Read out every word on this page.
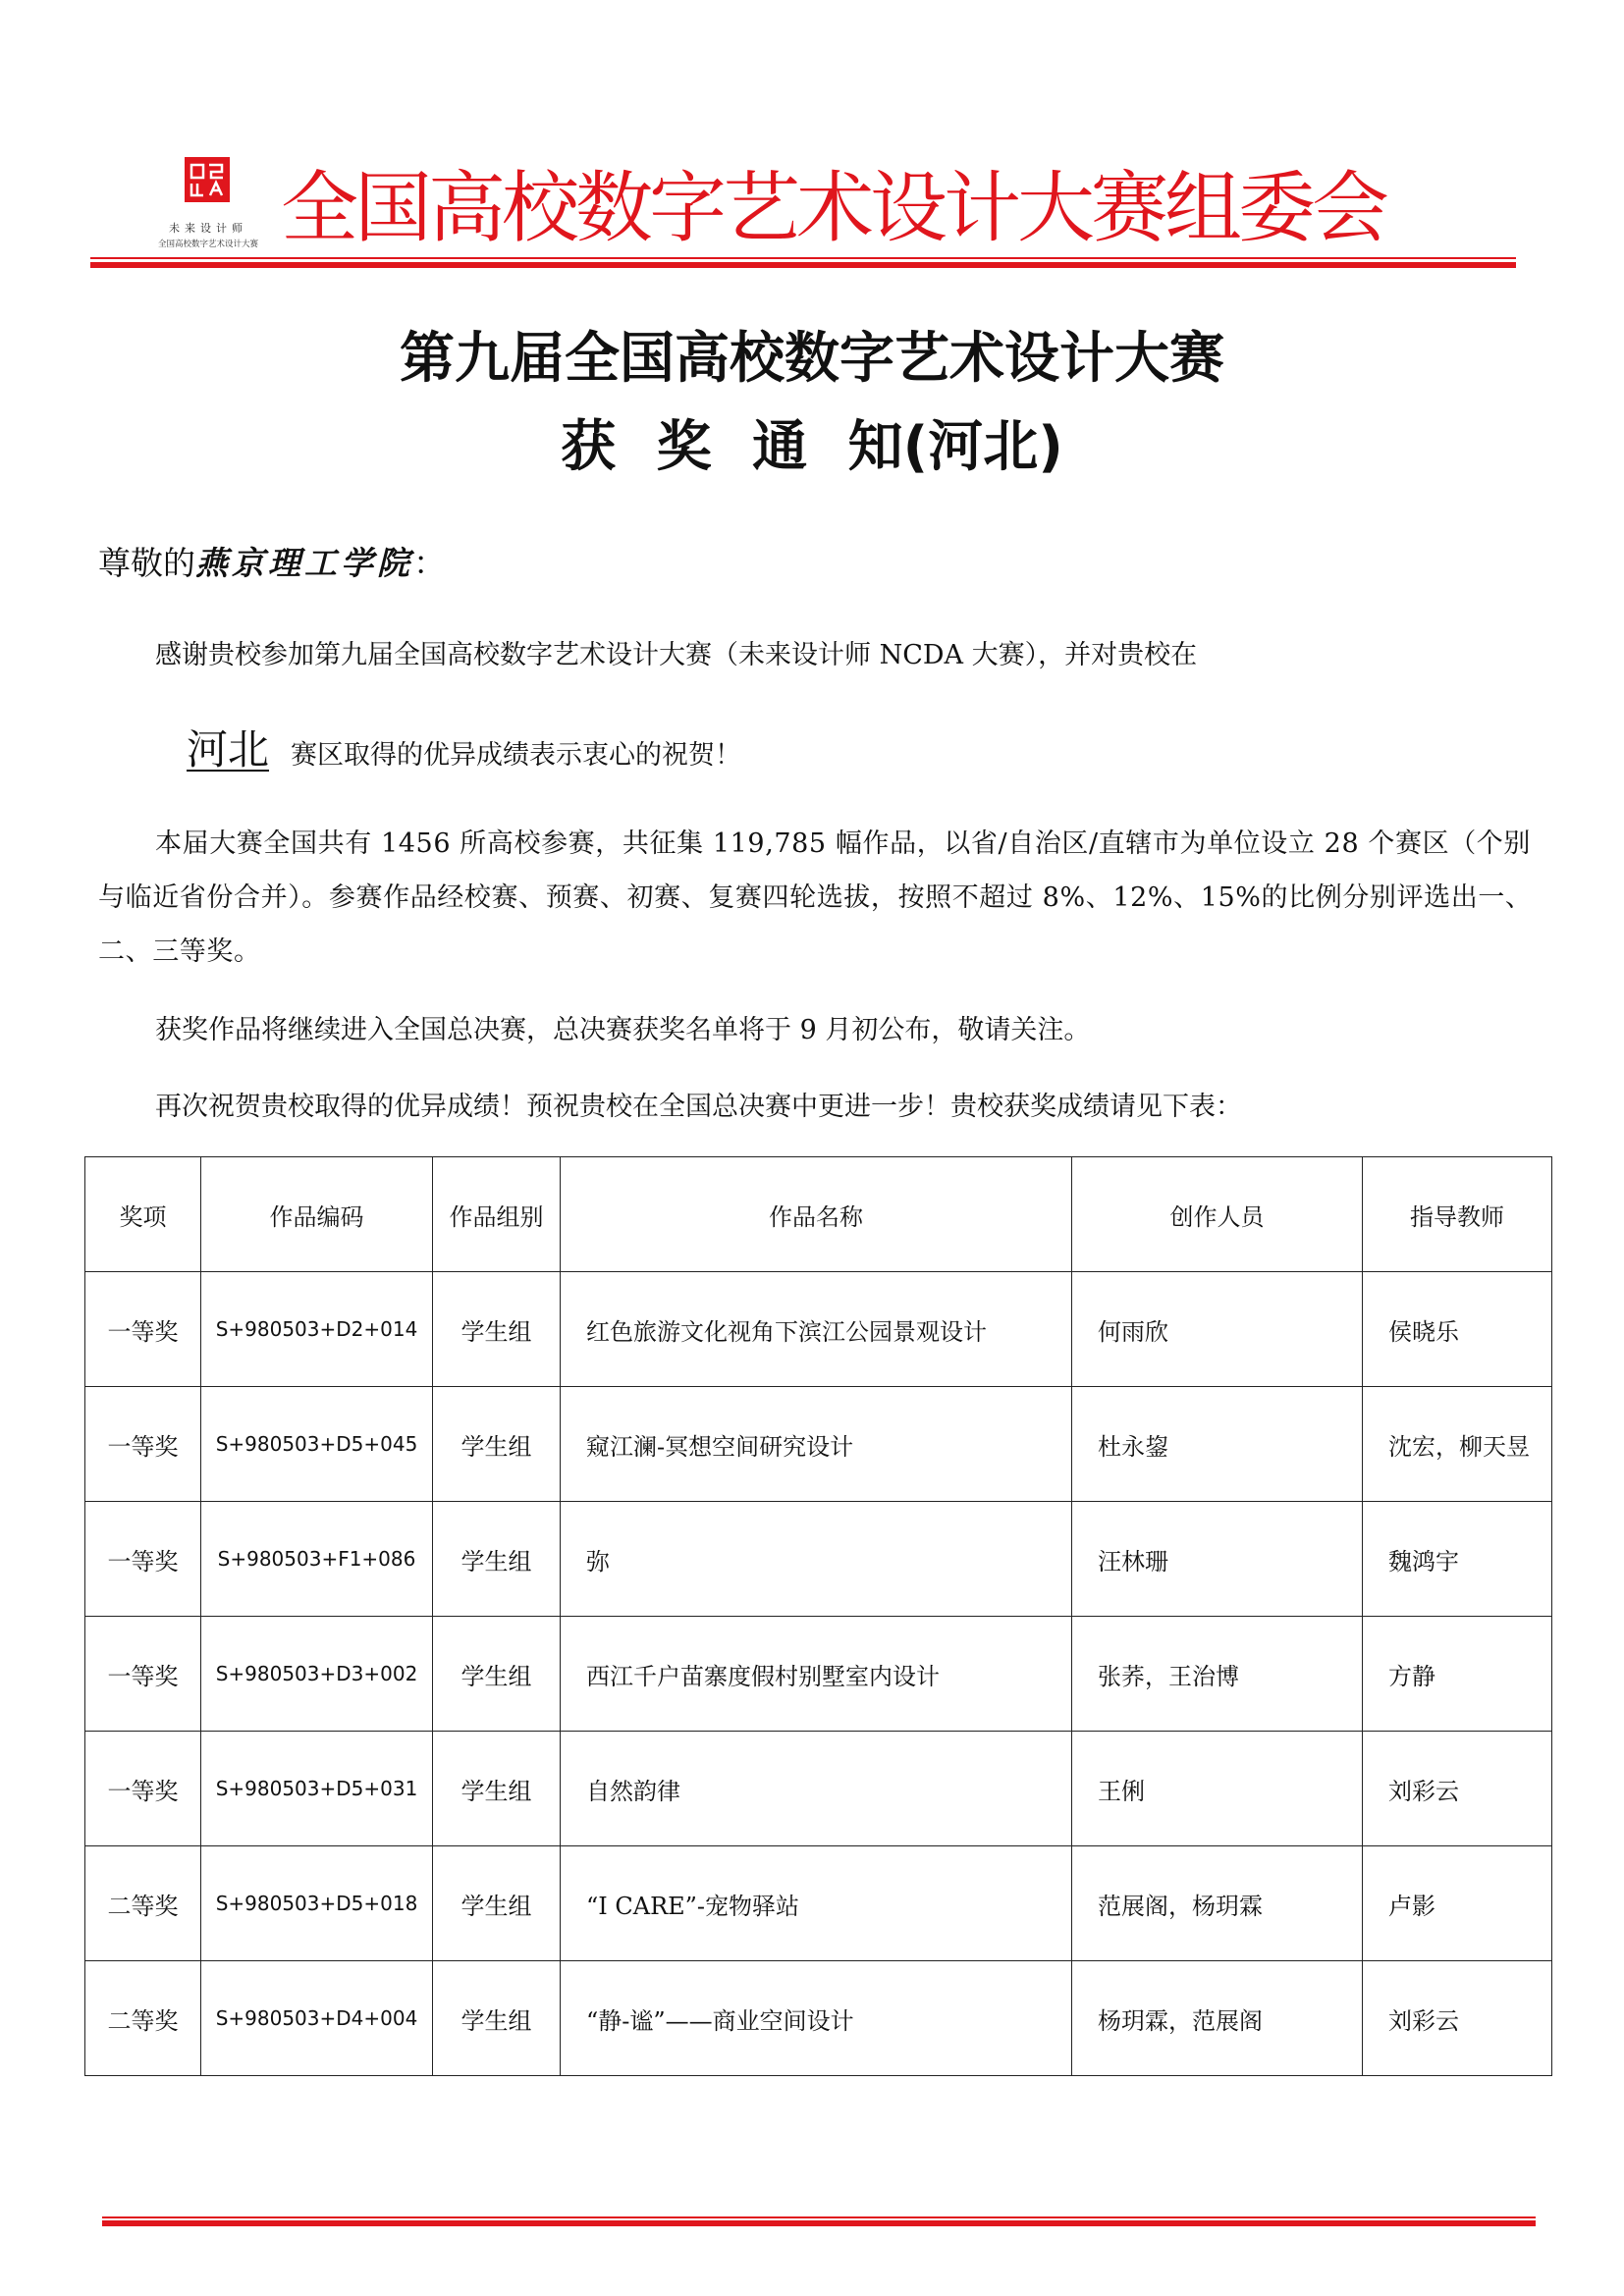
未来设计师
全国高校数字艺术设计大赛 全国高校数字艺术设计大赛组委会
第九届全国高校数字艺术设计大赛
获 奖 通 知(河北)
尊敬的燕京理工学院：
感谢贵校参加第九届全国高校数字艺术设计大赛（未来设计师 NCDA 大赛），并对贵校在
河北 赛区取得的优异成绩表示衷心的祝贺！
本届大赛全国共有 1456 所高校参赛，共征集 119,785 幅作品，以省/自治区/直辖市为单位设立 28 个赛区（个别与临近省份合并）。参赛作品经校赛、预赛、初赛、复赛四轮选拔，按照不超过 8%、12%、15%的比例分别评选出一、二、三等奖。
获奖作品将继续进入全国总决赛，总决赛获奖名单将于 9 月初公布，敬请关注。
再次祝贺贵校取得的优异成绩！预祝贵校在全国总决赛中更进一步！贵校获奖成绩请见下表：
奖项	作品编码	作品组别	作品名称	创作人员	指导教师
一等奖	S+980503+D2+014	学生组	红色旅游文化视角下滨江公园景观设计	何雨欣	侯晓乐
一等奖	S+980503+D5+045	学生组	窥江澜-冥想空间研究设计	杜永鋆	沈宏，柳天昱
一等奖	S+980503+F1+086	学生组	弥	汪林珊	魏鸿宇
一等奖	S+980503+D3+002	学生组	西江千户苗寨度假村别墅室内设计	张荞，王治博	方静
一等奖	S+980503+D5+031	学生组	自然韵律	王俐	刘彩云
二等奖	S+980503+D5+018	学生组	“I CARE”-宠物驿站	范展阁，杨玥霖	卢影
二等奖	S+980503+D4+004	学生组	“静-谧”——商业空间设计	杨玥霖，范展阁	刘彩云
